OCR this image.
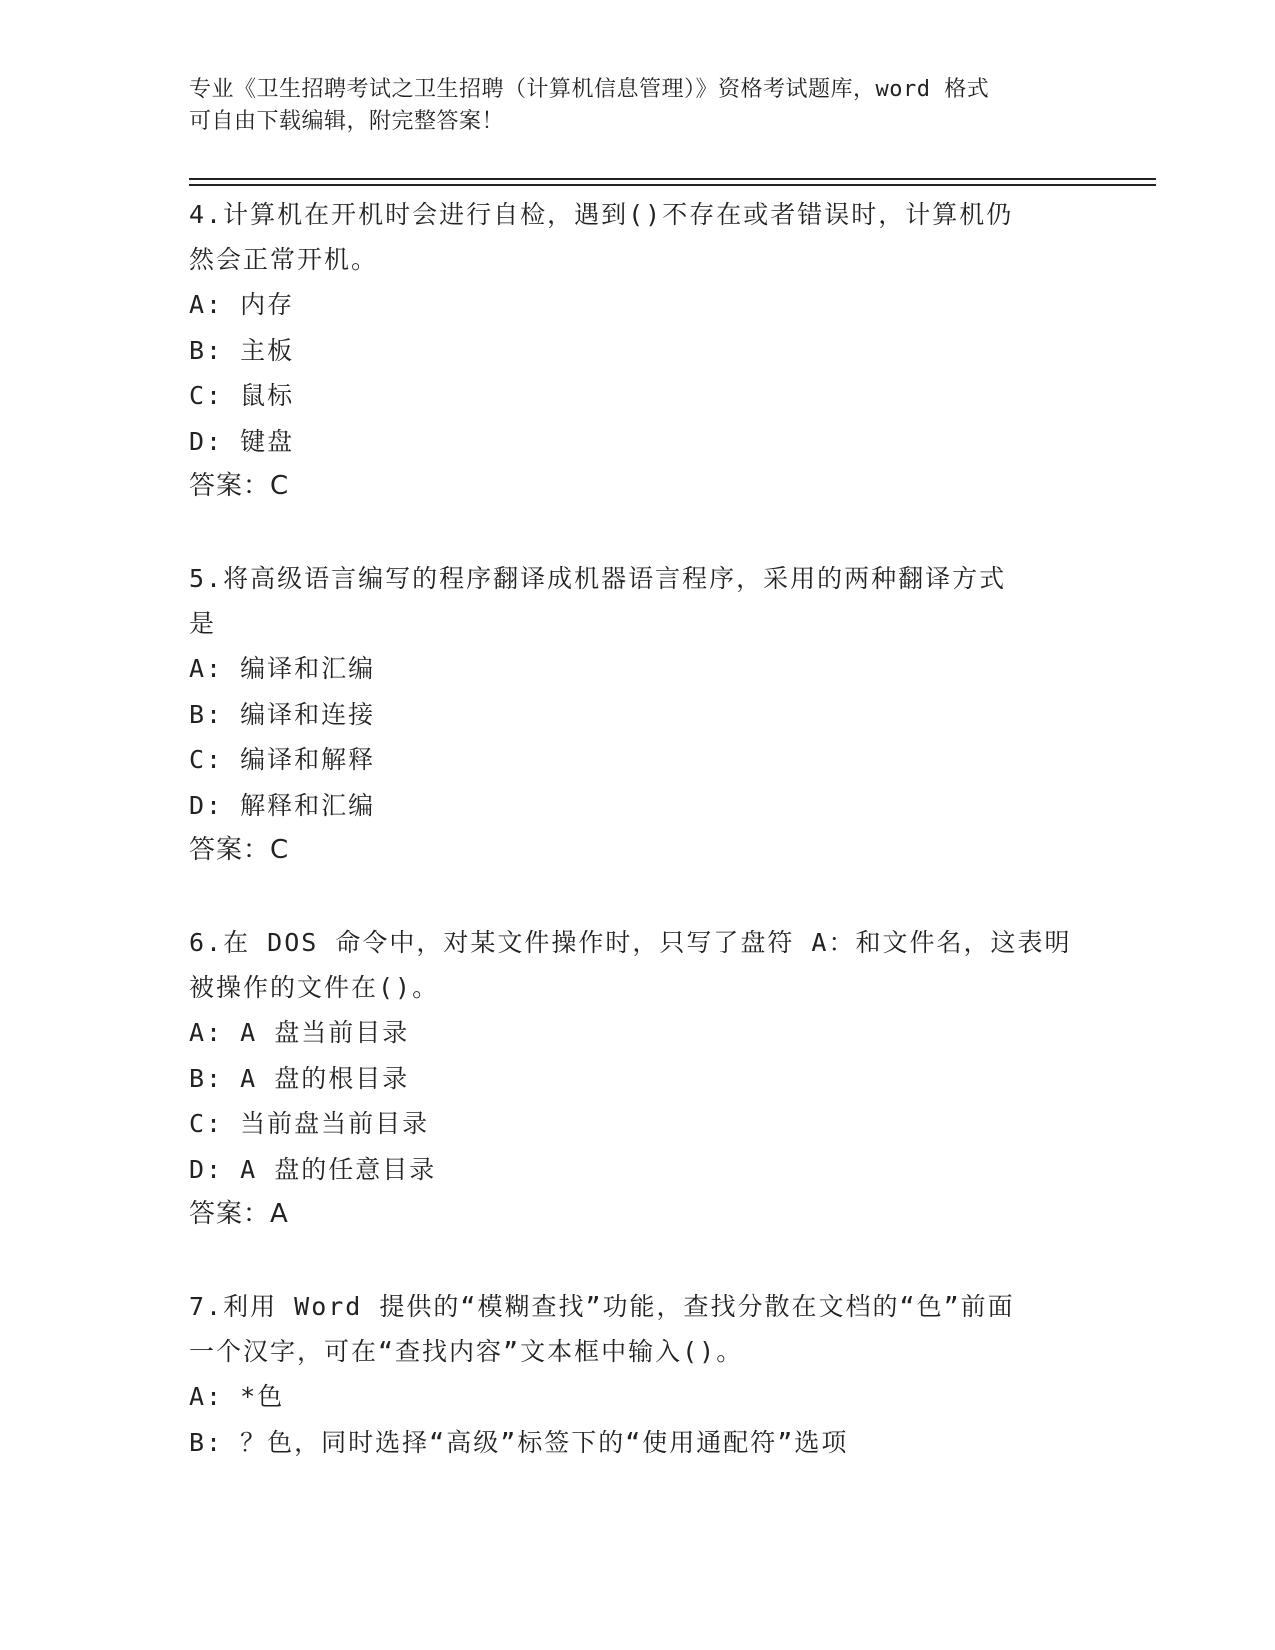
专业《卫生招聘考试之卫生招聘（计算机信息管理）》资格考试题库，word 格式
可自由下载编辑，附完整答案！
4.计算机在开机时会进行自检，遇到()不存在或者错误时，计算机仍
然会正常开机。
A: 内存
B: 主板
C: 鼠标
D: 键盘
答案：C
5.将高级语言编写的程序翻译成机器语言程序，采用的两种翻译方式
是
A: 编译和汇编
B: 编译和连接
C: 编译和解释
D: 解释和汇编
答案：C
6.在 DOS 命令中，对某文件操作时，只写了盘符 A：和文件名，这表明
被操作的文件在()。
A: A 盘当前目录
B: A 盘的根目录
C: 当前盘当前目录
D: A 盘的任意目录
答案：A
7.利用 Word 提供的“模糊查找”功能，查找分散在文档的“色”前面
一个汉字，可在“查找内容”文本框中输入()。
A: *色
B: ？色，同时选择“高级”标签下的“使用通配符”选项
